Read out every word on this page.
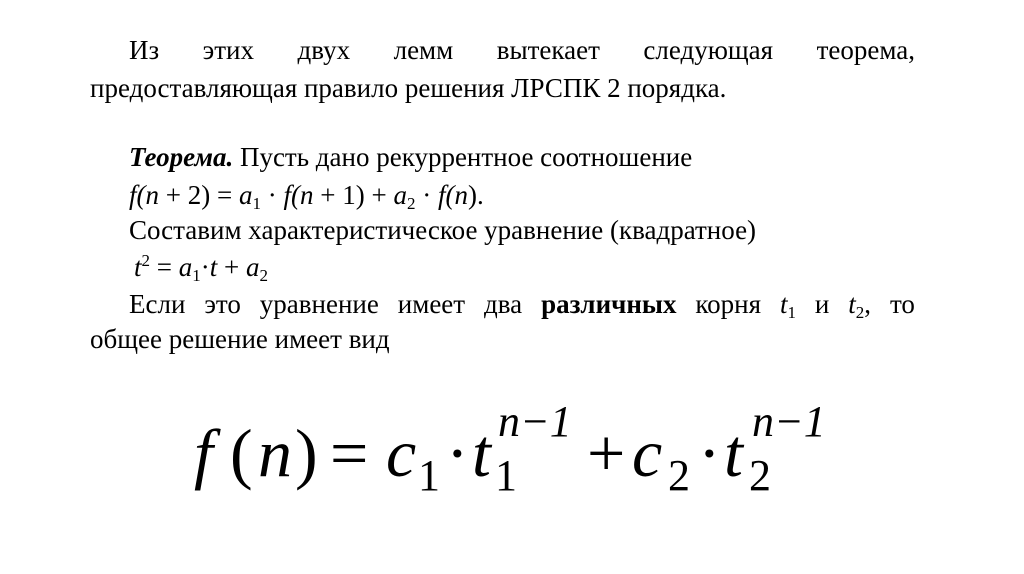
Из этих двух лемм вытекает следующая теорема,
предоставляющая правило решения ЛРСПК 2 порядка.
Теорема. Пусть дано рекуррентное соотношение
$f(n + 2) = a_1 \cdot f(n + 1) + a_2 \cdot f(n)$.
Составим характеристическое уравнение (квадратное)
$t^2 = a_1\cdot t + a_2$
Если это уравнение имеет два различных корня $t_1$ и $t_2$, то
общее решение имеет вид
f ( n ) = c 1 · t 1
n−1 + c 2 · t 2
n−1
